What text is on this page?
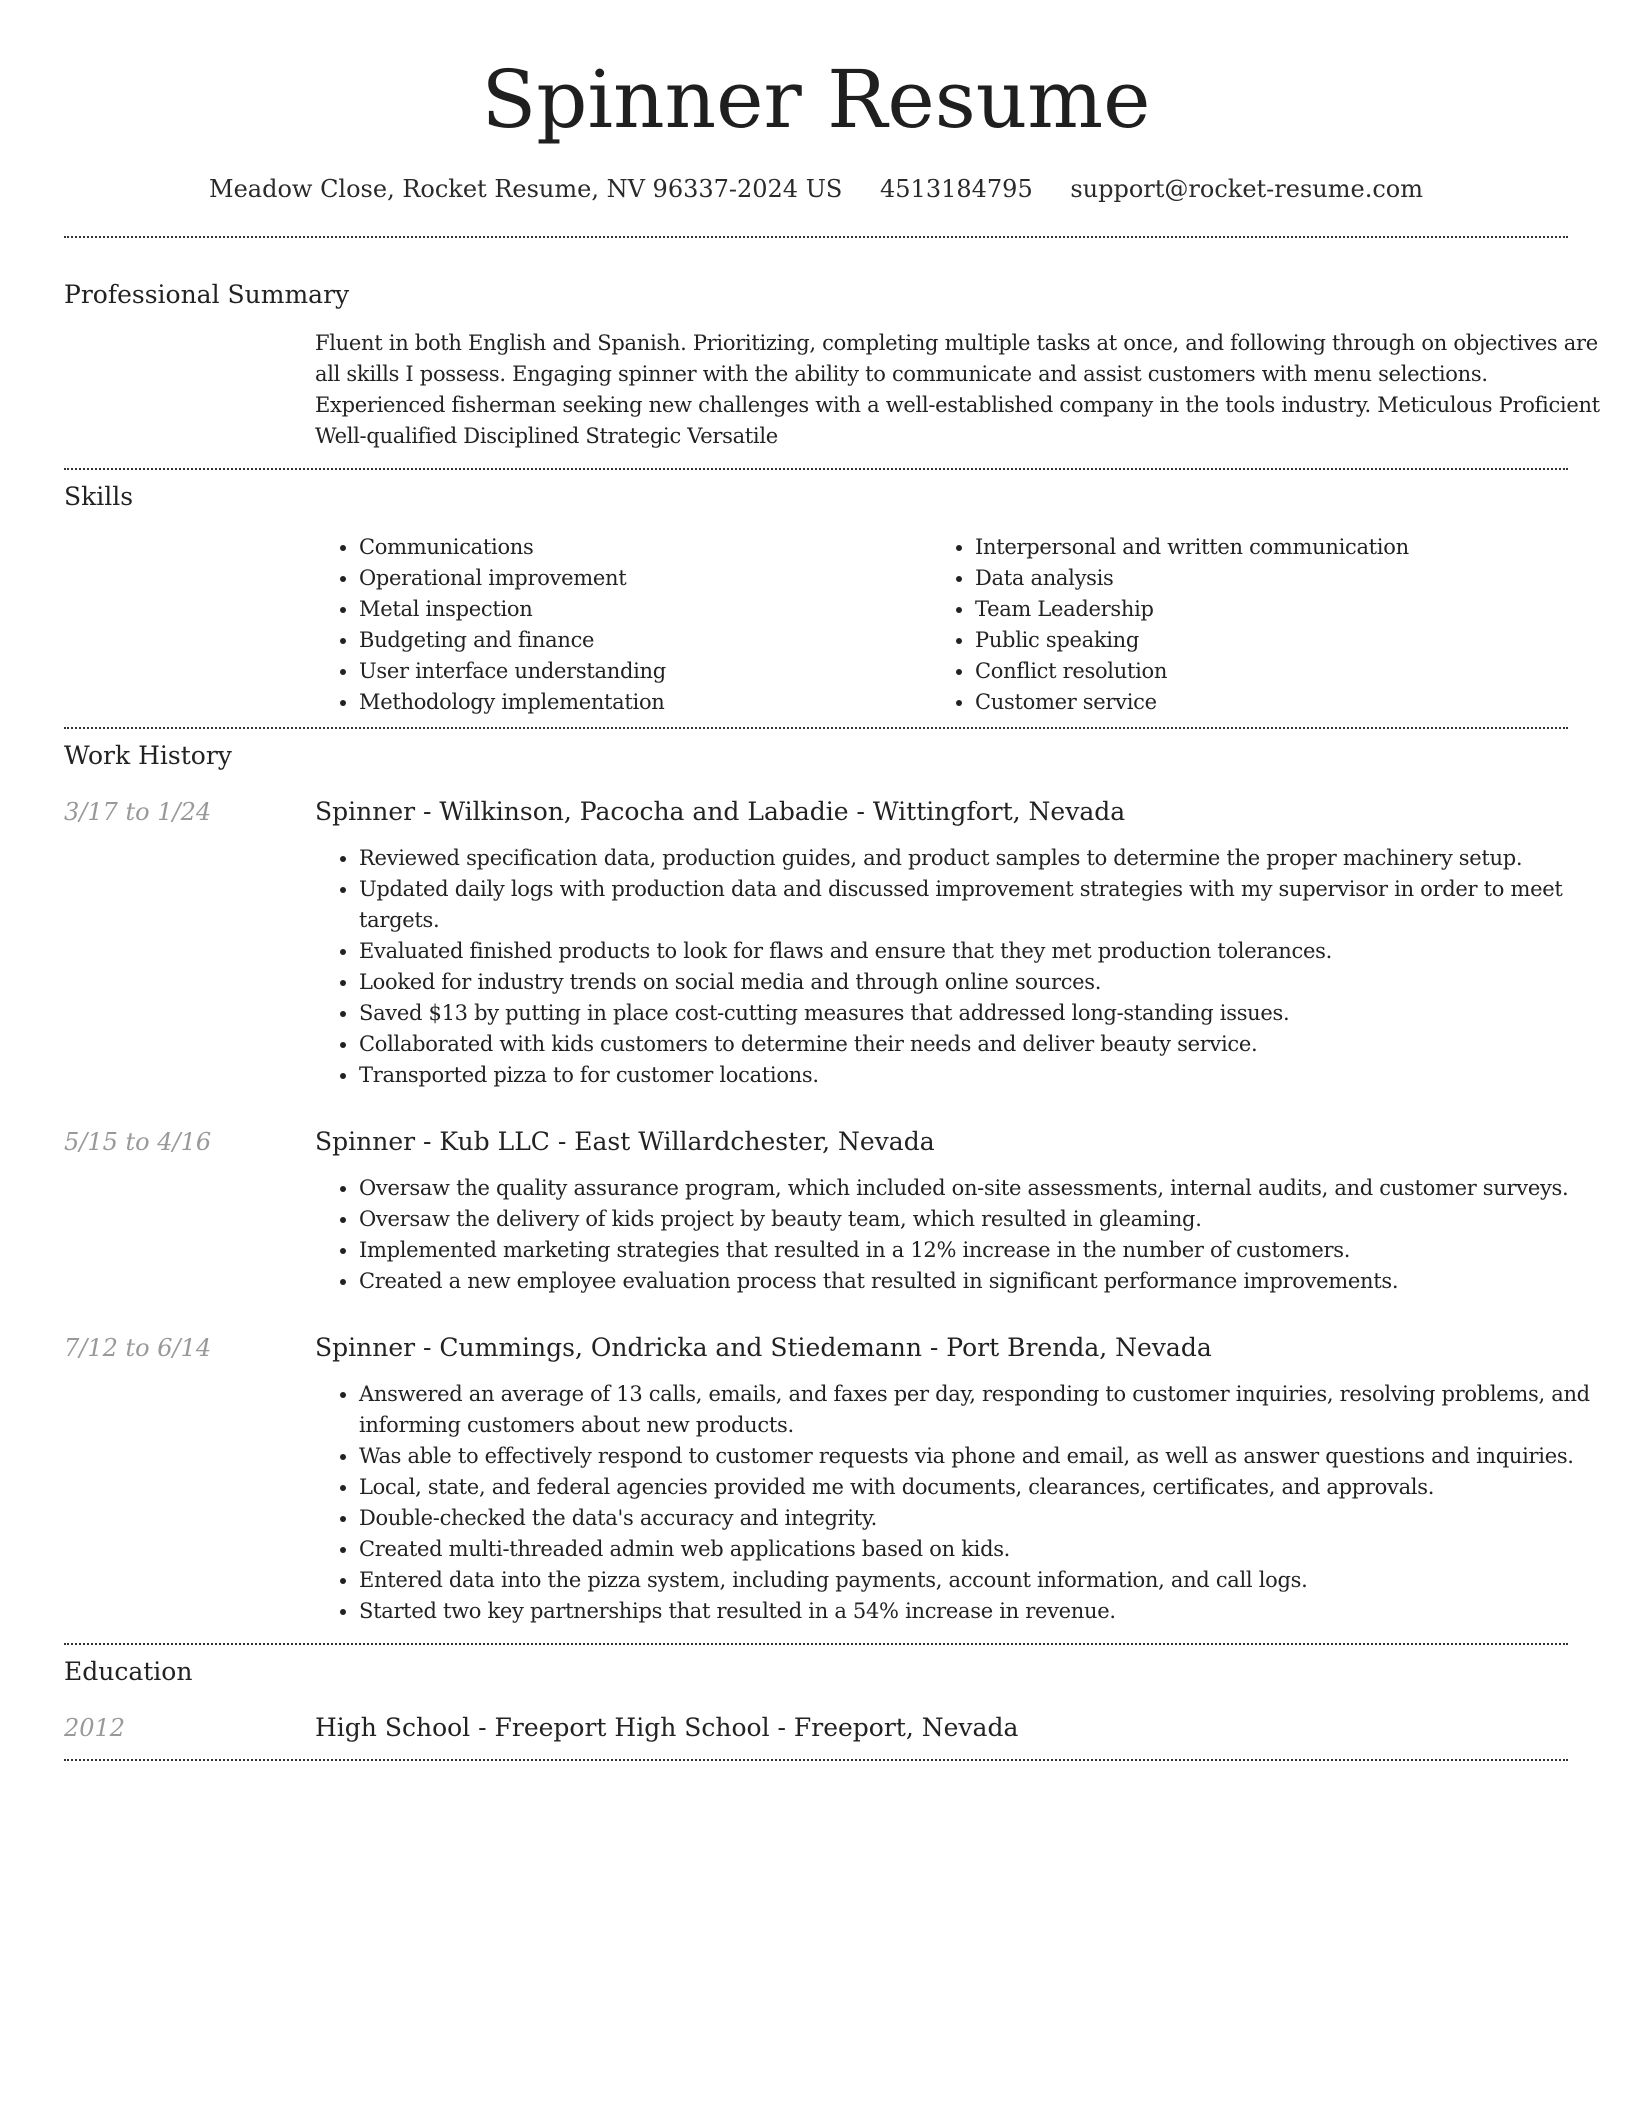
Spinner Resume
Meadow Close, Rocket Resume, NV 96337-2024 US 4513184795 support@rocket-resume.com
Professional Summary
Fluent in both English and Spanish. Prioritizing, completing multiple tasks at once, and following through on objectives are all skills I possess. Engaging spinner with the ability to communicate and assist customers with menu selections. Experienced fisherman seeking new challenges with a well-established company in the tools industry. Meticulous Proficient Well-qualified Disciplined Strategic Versatile
Skills
• Communications
• Operational improvement
• Metal inspection
• Budgeting and finance
• User interface understanding
• Methodology implementation
• Interpersonal and written communication
• Data analysis
• Team Leadership
• Public speaking
• Conflict resolution
• Customer service
Work History
3/17 to 1/24	Spinner - Wilkinson, Pacocha and Labadie - Wittingfort, Nevada
• Reviewed specification data, production guides, and product samples to determine the proper machinery setup.
• Updated daily logs with production data and discussed improvement strategies with my supervisor in order to meet targets.
• Evaluated finished products to look for flaws and ensure that they met production tolerances.
• Looked for industry trends on social media and through online sources.
• Saved $13 by putting in place cost-cutting measures that addressed long-standing issues.
• Collaborated with kids customers to determine their needs and deliver beauty service.
• Transported pizza to for customer locations.
5/15 to 4/16	Spinner - Kub LLC - East Willardchester, Nevada
• Oversaw the quality assurance program, which included on-site assessments, internal audits, and customer surveys.
• Oversaw the delivery of kids project by beauty team, which resulted in gleaming.
• Implemented marketing strategies that resulted in a 12% increase in the number of customers.
• Created a new employee evaluation process that resulted in significant performance improvements.
7/12 to 6/14	Spinner - Cummings, Ondricka and Stiedemann - Port Brenda, Nevada
• Answered an average of 13 calls, emails, and faxes per day, responding to customer inquiries, resolving problems, and informing customers about new products.
• Was able to effectively respond to customer requests via phone and email, as well as answer questions and inquiries.
• Local, state, and federal agencies provided me with documents, clearances, certificates, and approvals.
• Double-checked the data's accuracy and integrity.
• Created multi-threaded admin web applications based on kids.
• Entered data into the pizza system, including payments, account information, and call logs.
• Started two key partnerships that resulted in a 54% increase in revenue.
Education
2012	High School - Freeport High School - Freeport, Nevada
